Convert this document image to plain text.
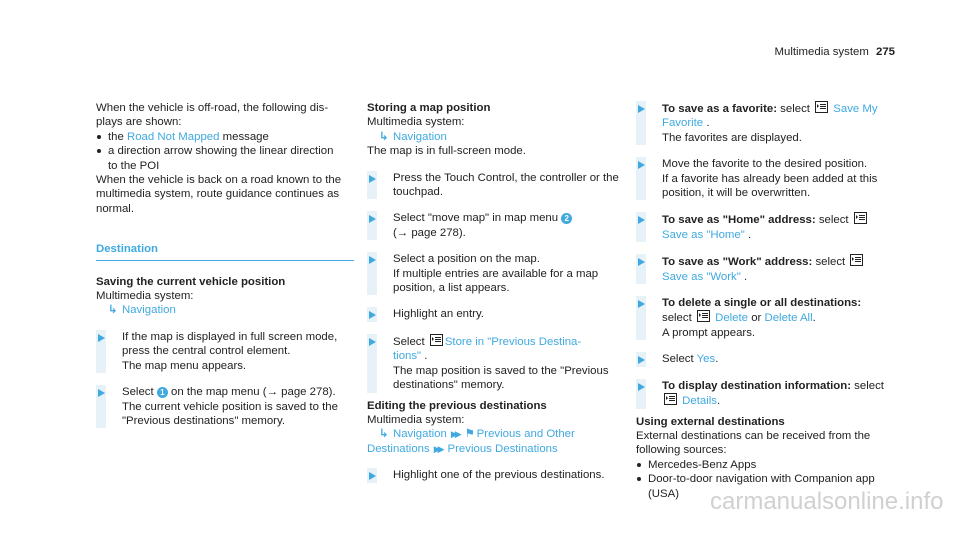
Multimedia system 275

When the vehicle is off-road, the following dis-
plays are shown:

the Road Not Mapped message
a direction arrow showing the linear direction
to the POI

When the vehicle is back on a road known to the
multimedia system, route guidance continues as
normal.

Destination

Saving the current vehicle position

Multimedia system:

↳ Navigation

If the map is displayed in full screen mode,
press the central control element.
The map menu appears.
Select 1 on the map menu (→ page 278).
The current vehicle position is saved to the
"Previous destinations" memory.

Storing a map position

Multimedia system:

↳ Navigation

The map is in full-screen mode.

Press the Touch Control, the controller or the
touchpad.
Select "move map" in map menu 2
(→ page 278).
Select a position on the map.
If multiple entries are available for a map
position, a list appears.
Highlight an entry.
Select Store in "Previous Destina-
tions" .
The map position is saved to the "Previous
destinations" memory.

Editing the previous destinations

Multimedia system:

↳ Navigation ▶▶ ⚑ Previous and Other

Destinations ▶▶ Previous Destinations

Highlight one of the previous destinations.
To save as a favorite: select  Save My
Favorite .
The favorites are displayed.
Move the favorite to the desired position.
If a favorite has already been added at this
position, it will be overwritten.
To save as "Home" address: select
Save as "Home" .
To save as "Work" address: select
Save as "Work" .
To delete a single or all destinations:
select  Delete or Delete All.
A prompt appears.
Select Yes.
To display destination information: select
Details.

Using external destinations

External destinations can be received from the
following sources:

Mercedes-Benz Apps
Door-to-door navigation with Companion app
(USA)	carmanualsonline.info
